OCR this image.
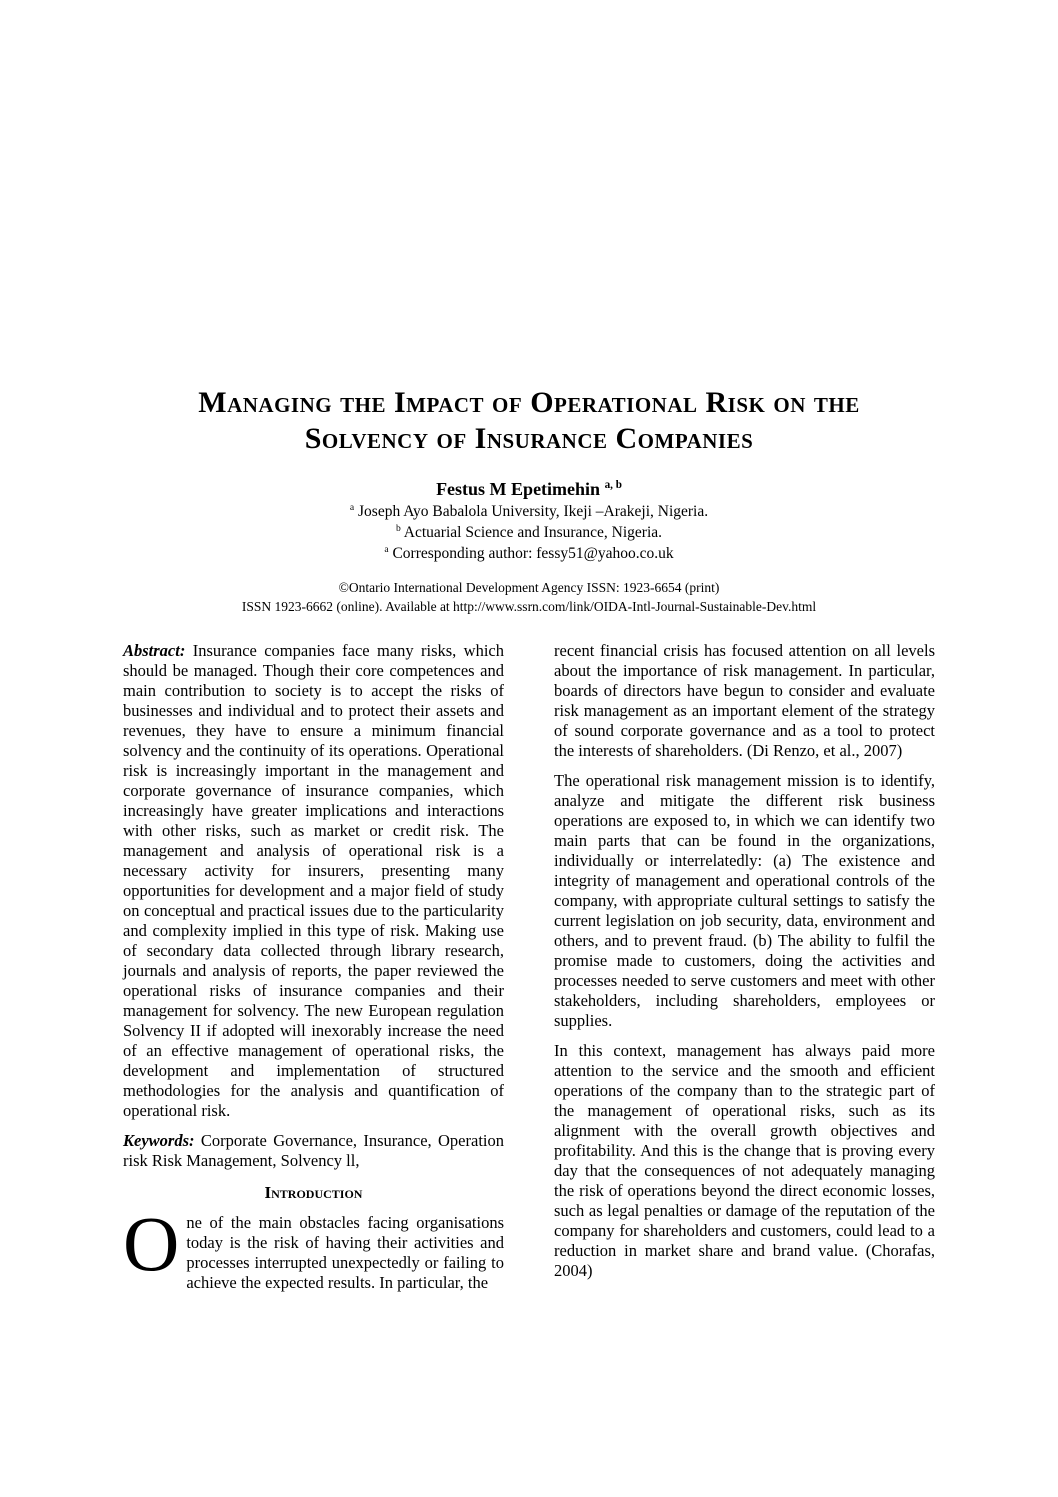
Managing the Impact of Operational Risk on the
Solvency of Insurance Companies
Festus M Epetimehin $^{a, b}$
$^a$ Joseph Ayo Babalola University, Ikeji –Arakeji, Nigeria.
$^b$ Actuarial Science and Insurance, Nigeria.
$^a$ Corresponding author: fessy51@yahoo.co.uk
©Ontario International Development Agency ISSN: 1923-6654 (print)
ISSN 1923-6662 (online). Available at http://www.ssrn.com/link/OIDA-Intl-Journal-Sustainable-Dev.html

Abstract: Insurance companies face many risks, which should be managed. Though their core competences and main contribution to society is to accept the risks of businesses and individual and to protect their assets and revenues, they have to ensure a minimum financial solvency and the continuity of its operations. Operational risk is increasingly important in the management and corporate governance of insurance companies, which increasingly have greater implications and interactions with other risks, such as market or credit risk. The management and analysis of operational risk is a necessary activity for insurers, presenting many opportunities for development and a major field of study on conceptual and practical issues due to the particularity and complexity implied in this type of risk. Making use of secondary data collected through library research, journals and analysis of reports, the paper reviewed the operational risks of insurance companies and their management for solvency. The new European regulation Solvency II if adopted will inexorably increase the need of an effective management of operational risks, the development and implementation of structured methodologies for the analysis and quantification of operational risk.

Keywords: Corporate Governance, Insurance, Operation risk Risk Management, Solvency ll,

Introduction

One of the main obstacles facing organisations today is the risk of having their activities and processes interrupted unexpectedly or failing to achieve the expected results. In particular, the

recent financial crisis has focused attention on all levels about the importance of risk management. In particular, boards of directors have begun to consider and evaluate risk management as an important element of the strategy of sound corporate governance and as a tool to protect the interests of shareholders. (Di Renzo, et al., 2007)

The operational risk management mission is to identify, analyze and mitigate the different risk business operations are exposed to, in which we can identify two main parts that can be found in the organizations, individually or interrelatedly: (a) The existence and integrity of management and operational controls of the company, with appropriate cultural settings to satisfy the current legislation on job security, data, environment and others, and to prevent fraud. (b) The ability to fulfil the promise made to customers, doing the activities and processes needed to serve customers and meet with other stakeholders, including shareholders, employees or supplies.

In this context, management has always paid more attention to the service and the smooth and efficient operations of the company than to the strategic part of the management of operational risks, such as its alignment with the overall growth objectives and profitability. And this is the change that is proving every day that the consequences of not adequately managing the risk of operations beyond the direct economic losses, such as legal penalties or damage of the reputation of the company for shareholders and customers, could lead to a reduction in market share and brand value. (Chorafas, 2004)
